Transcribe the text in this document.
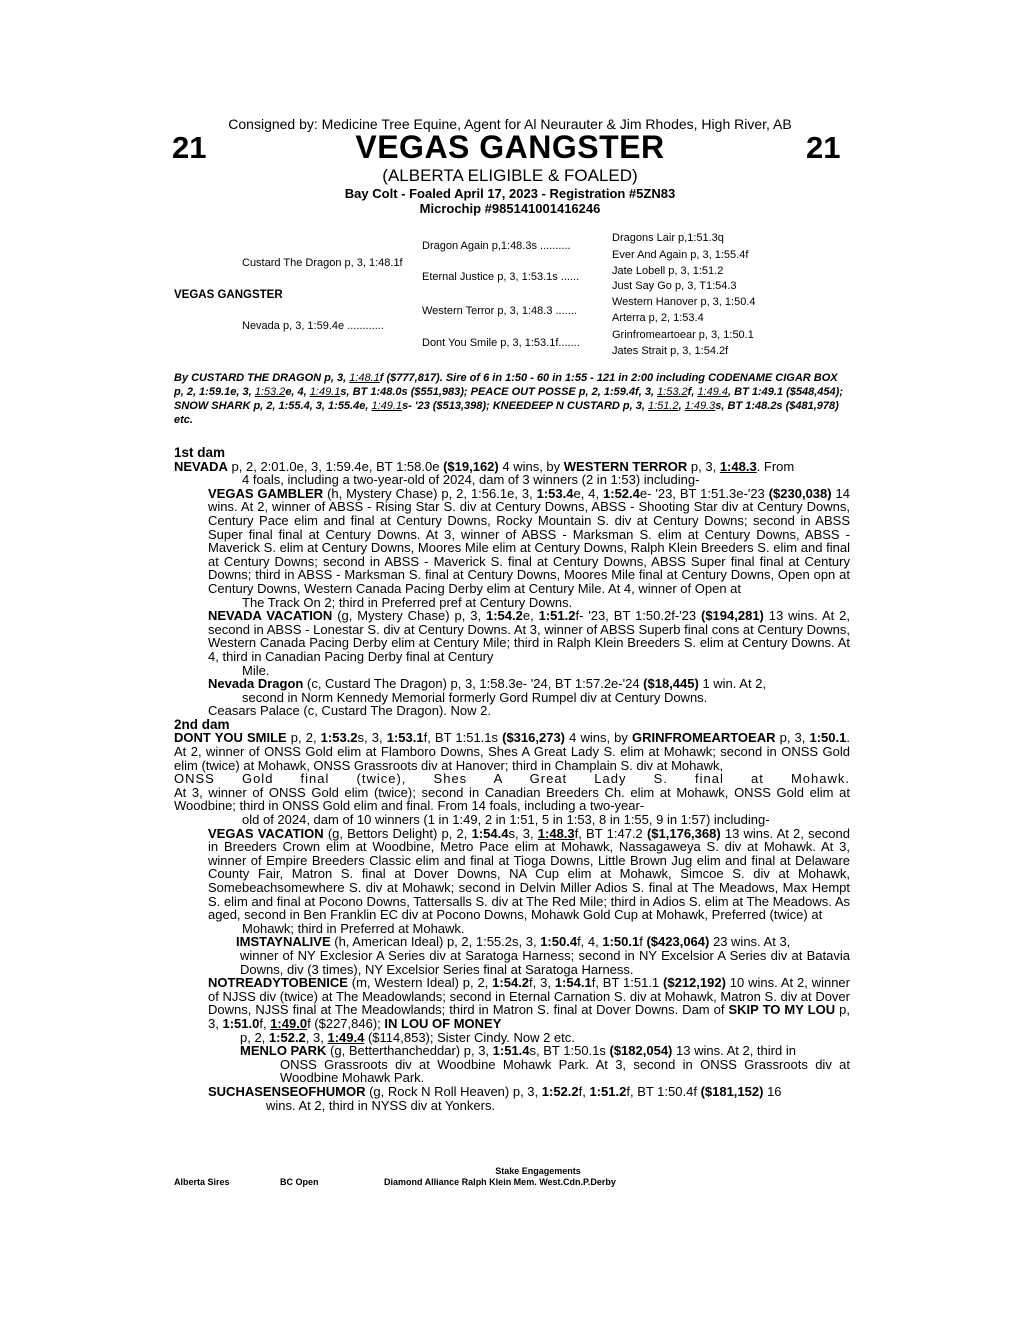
Consigned by: Medicine Tree Equine, Agent for Al Neurauter & Jim Rhodes, High River, AB
21	VEGAS GANGSTER	21
(ALBERTA ELIGIBLE & FOALED)
Bay Colt - Foaled April 17, 2023 - Registration #5ZN83
Microchip #985141001416246
VEGAS GANGSTER
Custard The Dragon p, 3, 1:48.1f
Nevada p, 3, 1:59.4e ............
Dragon Again p,1:48.3s ..........
Eternal Justice p, 3, 1:53.1s ......
Western Terror p, 3, 1:48.3 .......
Dont You Smile p, 3, 1:53.1f.......
Dragons Lair p,1:51.3q
Ever And Again p, 3, 1:55.4f
Jate Lobell p, 3, 1:51.2
Just Say Go p, 3, T1:54.3
Western Hanover p, 3, 1:50.4
Arterra p, 2, 1:53.4
Grinfromeartoear p, 3, 1:50.1
Jates Strait p, 3, 1:54.2f
By CUSTARD THE DRAGON p, 3, 1:48.1f ($777,817). Sire of 6 in 1:50 - 60 in 1:55 - 121 in 2:00 including CODENAME CIGAR BOX p, 2, 1:59.1e, 3, 1:53.2e, 4, 1:49.1s, BT 1:48.0s ($551,983); PEACE OUT POSSE p, 2, 1:59.4f, 3, 1:53.2f, 1:49.4, BT 1:49.1 ($548,454); SNOW SHARK p, 2, 1:55.4, 3, 1:55.4e, 1:49.1s- '23 ($513,398); KNEEDEEP N CUSTARD p, 3, 1:51.2, 1:49.3s, BT 1:48.2s ($481,978) etc.

1st dam

NEVADA p, 2, 2:01.0e, 3, 1:59.4e, BT 1:58.0e ($19,162) 4 wins, by WESTERN TERROR p, 3, 1:48.3. From

4 foals, including a two-year-old of 2024, dam of 3 winners (2 in 1:53) including-

VEGAS GAMBLER (h, Mystery Chase) p, 2, 1:56.1e, 3, 1:53.4e, 4, 1:52.4e- '23, BT 1:51.3e-'23 ($230,038) 14 wins. At 2, winner of ABSS - Rising Star S. div at Century Downs, ABSS - Shooting Star div at Century Downs, Century Pace elim and final at Century Downs, Rocky Mountain S. div at Century Downs; second in ABSS Super final final at Century Downs. At 3, winner of ABSS - Marksman S. elim at Century Downs, ABSS - Maverick S. elim at Century Downs, Moores Mile elim at Century Downs, Ralph Klein Breeders S. elim and final at Century Downs; second in ABSS - Maverick S. final at Century Downs, ABSS Super final final at Century Downs; third in ABSS - Marksman S. final at Century Downs, Moores Mile final at Century Downs, Open opn at Century Downs, Western Canada Pacing Derby elim at Century Mile. At 4, winner of Open at

The Track On 2; third in Preferred pref at Century Downs.

NEVADA VACATION (g, Mystery Chase) p, 3, 1:54.2e, 1:51.2f- '23, BT 1:50.2f-'23 ($194,281) 13 wins. At 2, second in ABSS - Lonestar S. div at Century Downs. At 3, winner of ABSS Superb final cons at Century Downs, Western Canada Pacing Derby elim at Century Mile; third in Ralph Klein Breeders S. elim at Century Downs. At 4, third in Canadian Pacing Derby final at Century

Mile.

Nevada Dragon (c, Custard The Dragon) p, 3, 1:58.3e- '24, BT 1:57.2e-'24 ($18,445) 1 win. At 2,

second in Norm Kennedy Memorial formerly Gord Rumpel div at Century Downs.

Ceasars Palace (c, Custard The Dragon). Now 2.

2nd dam

DONT YOU SMILE p, 2, 1:53.2s, 3, 1:53.1f, BT 1:51.1s ($316,273) 4 wins, by GRINFROMEARTOEAR p, 3, 1:50.1. At 2, winner of ONSS Gold elim at Flamboro Downs, Shes A Great Lady S. elim at Mohawk; second in ONSS Gold elim (twice) at Mohawk, ONSS Grassroots div at Hanover; third in Champlain S. div at Mohawk,

ONSS Gold final (twice), Shes A Great Lady S. final at Mohawk.

At 3, winner of ONSS Gold elim (twice); second in Canadian Breeders Ch. elim at Mohawk, ONSS Gold elim at Woodbine; third in ONSS Gold elim and final. From 14 foals, including a two-year-

old of 2024, dam of 10 winners (1 in 1:49, 2 in 1:51, 5 in 1:53, 8 in 1:55, 9 in 1:57) including-

VEGAS VACATION (g, Bettors Delight) p, 2, 1:54.4s, 3, 1:48.3f, BT 1:47.2 ($1,176,368) 13 wins. At 2, second in Breeders Crown elim at Woodbine, Metro Pace elim at Mohawk, Nassagaweya S. div at Mohawk. At 3, winner of Empire Breeders Classic elim and final at Tioga Downs, Little Brown Jug elim and final at Delaware County Fair, Matron S. final at Dover Downs, NA Cup elim at Mohawk, Simcoe S. div at Mohawk, Somebeachsomewhere S. div at Mohawk; second in Delvin Miller Adios S. final at The Meadows, Max Hempt S. elim and final at Pocono Downs, Tattersalls S. div at The Red Mile; third in Adios S. elim at The Meadows. As aged, second in Ben Franklin EC div at Pocono Downs, Mohawk Gold Cup at Mohawk, Preferred (twice) at

Mohawk; third in Preferred at Mohawk.

IMSTAYNALIVE (h, American Ideal) p, 2, 1:55.2s, 3, 1:50.4f, 4, 1:50.1f ($423,064) 23 wins. At 3,

winner of NY Exclesior A Series div at Saratoga Harness; second in NY Excelsior A Series div at Batavia Downs, div (3 times), NY Excelsior Series final at Saratoga Harness.

NOTREADYTOBENICE (m, Western Ideal) p, 2, 1:54.2f, 3, 1:54.1f, BT 1:51.1 ($212,192) 10 wins. At 2, winner of NJSS div (twice) at The Meadowlands; second in Eternal Carnation S. div at Mohawk, Matron S. div at Dover Downs, NJSS final at The Meadowlands; third in Matron S. final at Dover Downs. Dam of SKIP TO MY LOU p, 3, 1:51.0f, 1:49.0f ($227,846); IN LOU OF MONEY

p, 2, 1:52.2, 3, 1:49.4 ($114,853); Sister Cindy. Now 2 etc.

MENLO PARK (g, Betterthancheddar) p, 3, 1:51.4s, BT 1:50.1s ($182,054) 13 wins. At 2, third in

ONSS Grassroots div at Woodbine Mohawk Park. At 3, second in ONSS Grassroots div at Woodbine Mohawk Park.

SUCHASENSEOFHUMOR (g, Rock N Roll Heaven) p, 3, 1:52.2f, 1:51.2f, BT 1:50.4f ($181,152) 16

wins. At 2, third in NYSS div at Yonkers.

Stake Engagements
Alberta Sires	BC Open	Diamond Alliance Ralph Klein Mem. West.Cdn.P.Derby
